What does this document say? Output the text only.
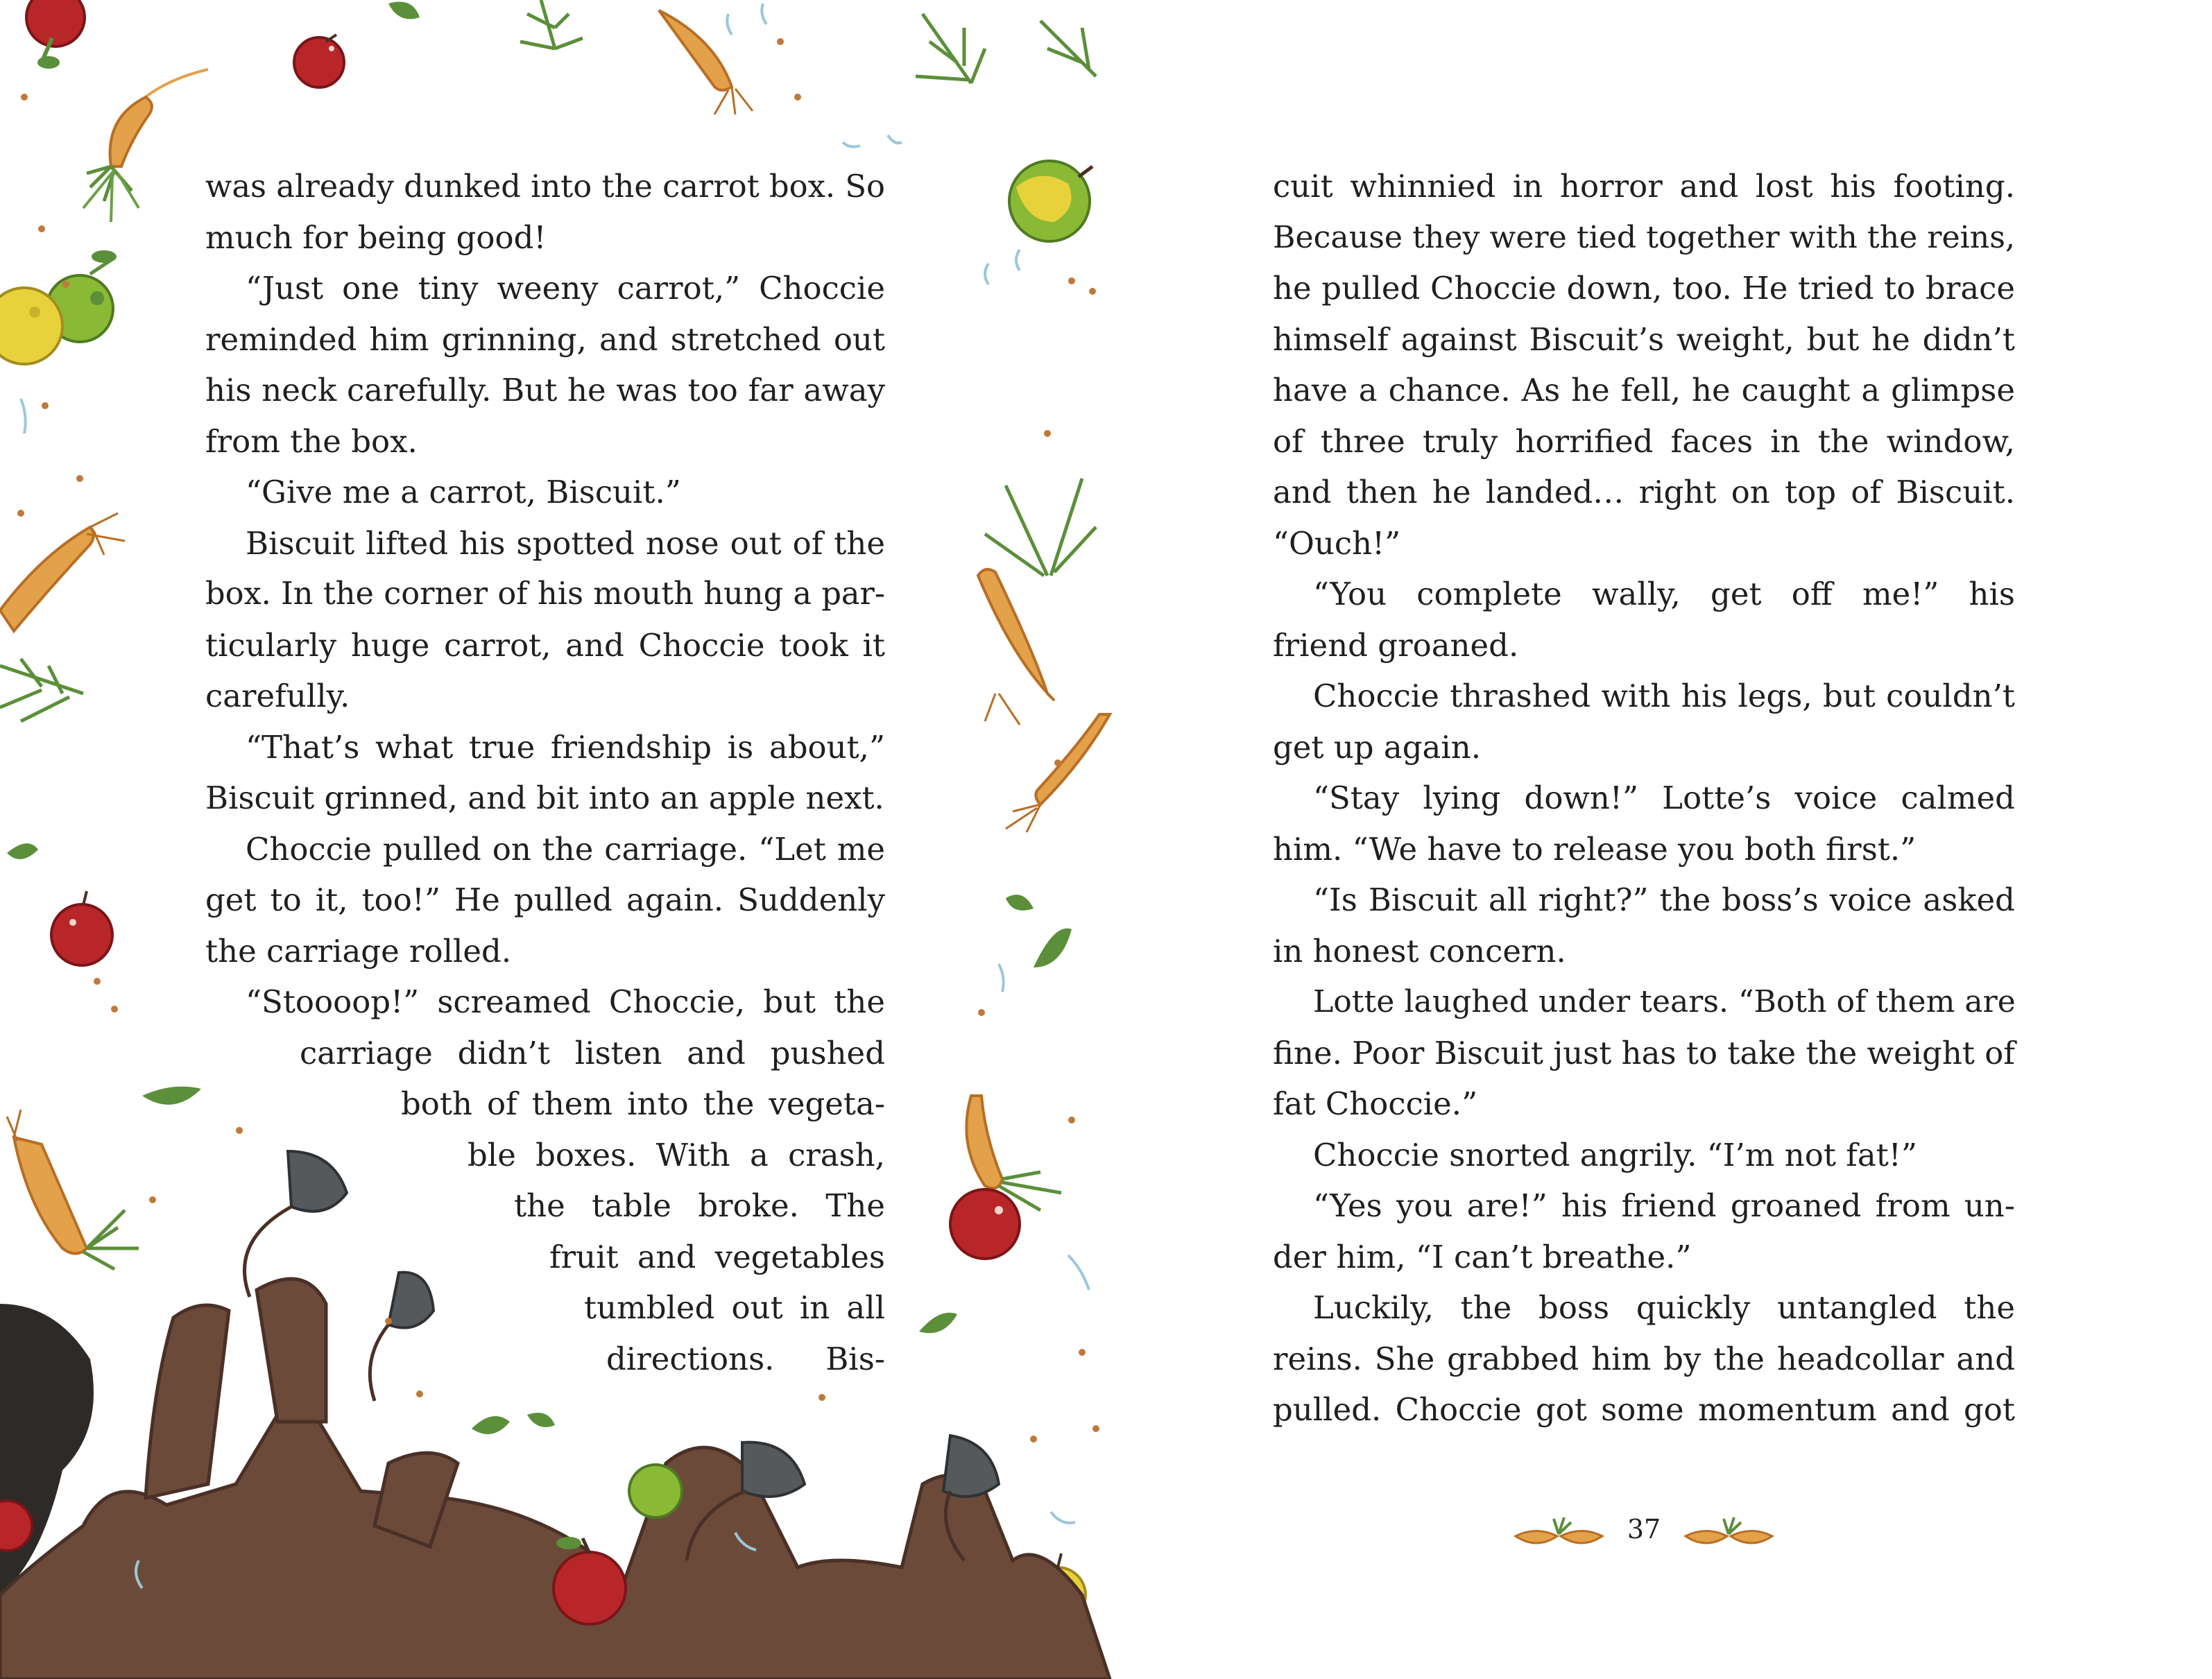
was already dunked into the carrot box. So
much for being good!
“Just one tiny weeny carrot,” Choccie
reminded him grinning, and stretched out
his neck carefully. But he was too far away
from the box.
“Give me a carrot, Biscuit.”
Biscuit lifted his spotted nose out of the
box. In the corner of his mouth hung a par-
ticularly huge carrot, and Choccie took it
carefully.
“That’s what true friendship is about,”
Biscuit grinned, and bit into an apple next.
Choccie pulled on the carriage. “Let me
get to it, too!” He pulled again. Suddenly
the carriage rolled.
“Stoooop!” screamed Choccie, but the
carriage didn’t listen and pushed
both of them into the vegeta-
ble boxes. With a crash,
the table broke. The
fruit and vegetables
tumbled out in all
directions. Bis-
cuit whinnied in horror and lost his footing.
Because they were tied together with the reins,
he pulled Choccie down, too. He tried to brace
himself against Biscuit’s weight, but he didn’t
have a chance. As he fell, he caught a glimpse
of three truly horrified faces in the window,
and then he landed… right on top of Biscuit.
“Ouch!”
“You complete wally, get off me!” his
friend groaned.
Choccie thrashed with his legs, but couldn’t
get up again.
“Stay lying down!” Lotte’s voice calmed
him. “We have to release you both first.”
“Is Biscuit all right?” the boss’s voice asked
in honest concern.
Lotte laughed under tears. “Both of them are
fine. Poor Biscuit just has to take the weight of
fat Choccie.”
Choccie snorted angrily. “I’m not fat!”
“Yes you are!” his friend groaned from un-
der him, “I can’t breathe.”
Luckily, the boss quickly untangled the
reins. She grabbed him by the headcollar and
pulled. Choccie got some momentum and got
37
